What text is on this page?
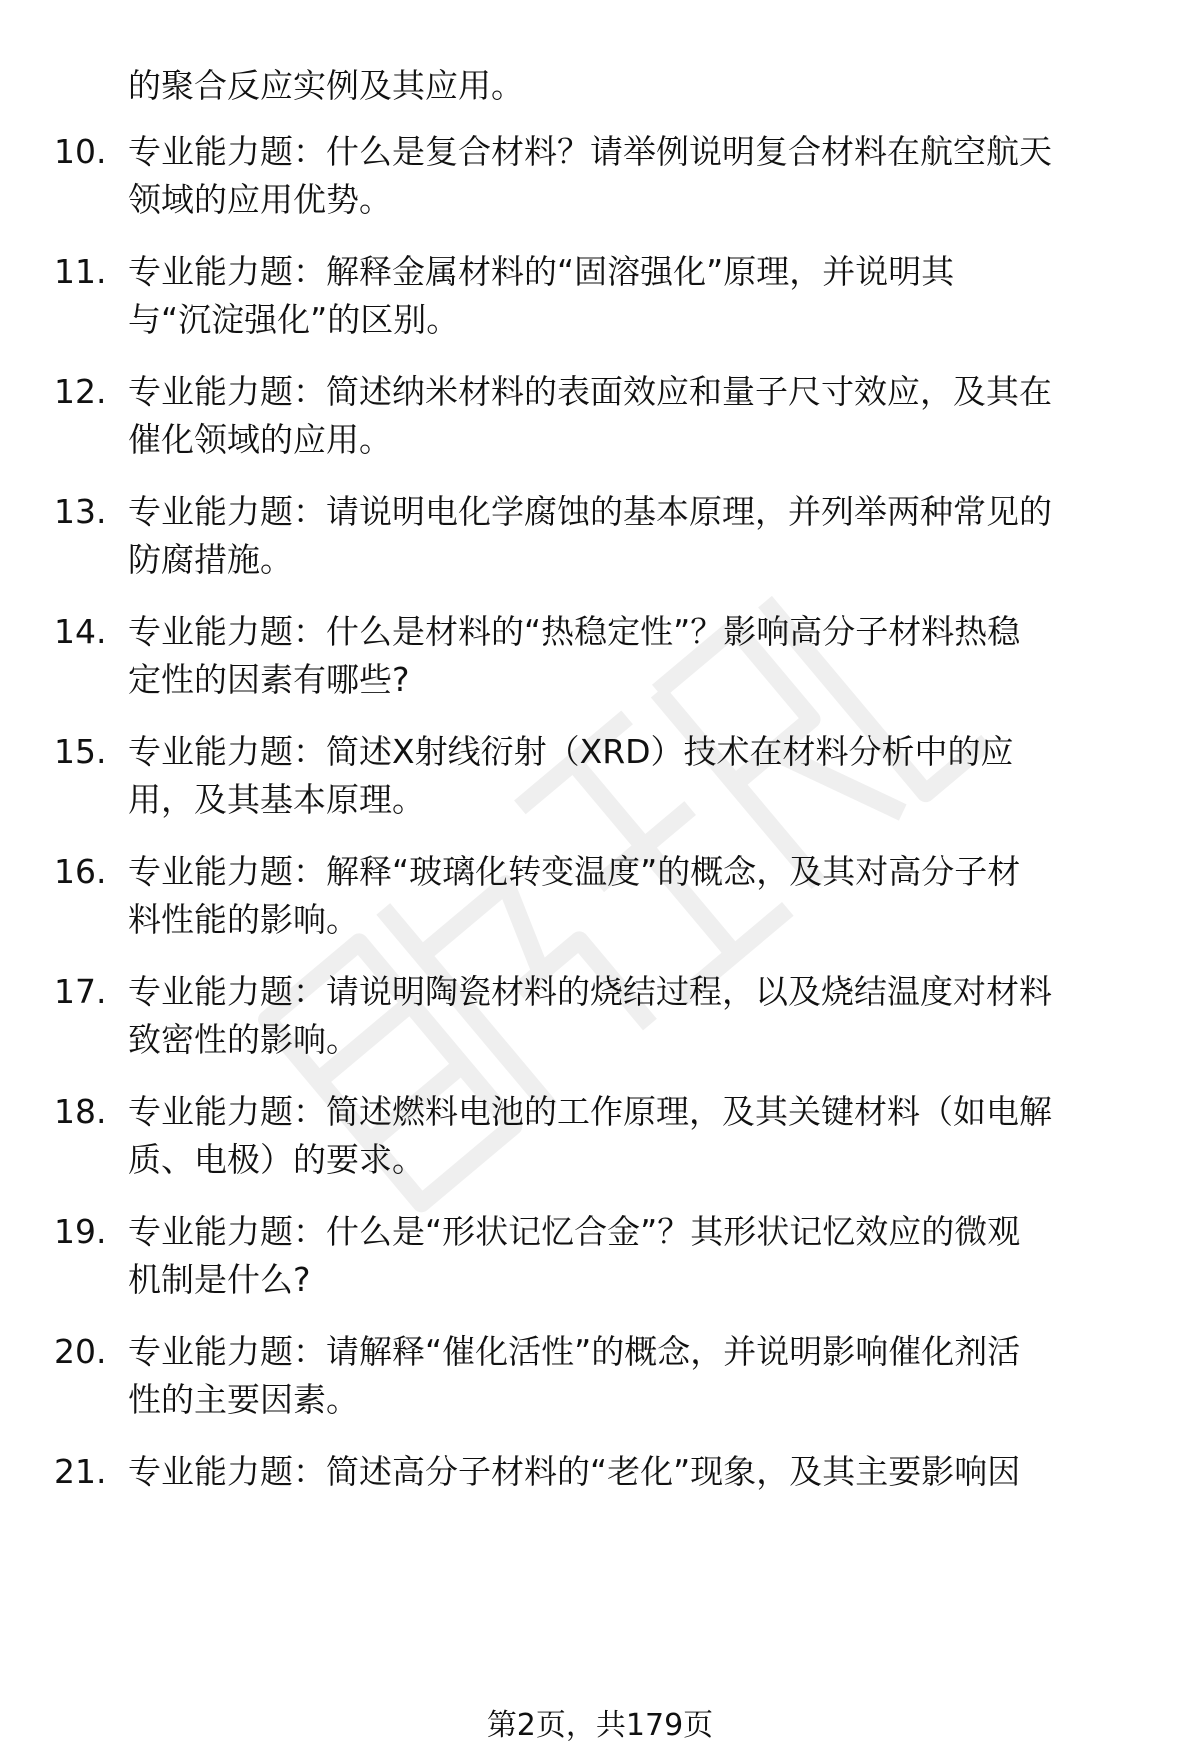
的聚合反应实例及其应用。
10. 专业能力题：什么是复合材料？请举例说明复合材料在航空航天
领域的应用优势。
11. 专业能力题：解释金属材料的“固溶强化”原理，并说明其
与“沉淀强化”的区别。
12. 专业能力题：简述纳米材料的表面效应和量子尺寸效应，及其在
催化领域的应用。
13. 专业能力题：请说明电化学腐蚀的基本原理，并列举两种常见的
防腐措施。
14. 专业能力题：什么是材料的“热稳定性”？影响高分子材料热稳
定性的因素有哪些?
15. 专业能力题：简述X射线衍射（XRD）技术在材料分析中的应
用，及其基本原理。
16. 专业能力题：解释“玻璃化转变温度”的概念，及其对高分子材
料性能的影响。
17. 专业能力题：请说明陶瓷材料的烧结过程，以及烧结温度对材料
致密性的影响。
18. 专业能力题：简述燃料电池的工作原理，及其关键材料（如电解
质、电极）的要求。
19. 专业能力题：什么是“形状记忆合金”？其形状记忆效应的微观
机制是什么?
20. 专业能力题：请解释“催化活性”的概念，并说明影响催化剂活
性的主要因素。
21. 专业能力题：简述高分子材料的“老化”现象，及其主要影响因
第2页，共179页
